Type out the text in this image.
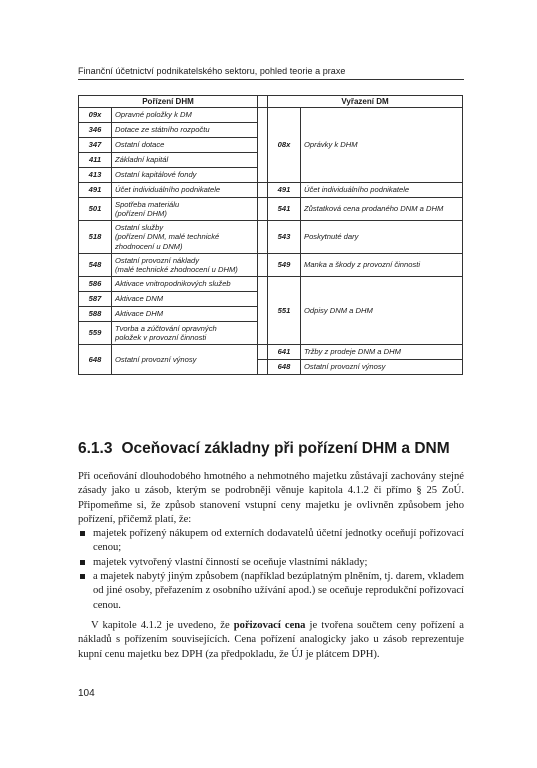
Finanční účetnictví podnikatelského sektoru, pohled teorie a praxe
Pořízení DHM			Vyřazení DM	
09x	Opravné položky k DM		08x	Oprávky k DHM
346	Dotace ze státního rozpočtu			
347	Ostatní dotace			
411	Základní kapitál			
413	Ostatní kapitálové fondy			
491	Účet individuálního podnikatele		491	Účet individuálního podnikatele
501	Spotřeba materiálu
(pořízení DHM)		541	Zůstatková cena prodaného DNM a DHM
518	Ostatní služby
(pořízení DNM, malé technické
zhodnocení u DNM)		543	Poskytnuté dary
548	Ostatní provozní náklady
(malé technické zhodnocení u DHM)		549	Manka a škody z provozní činnosti
586	Aktivace vnitropodnikových služeb		551	Odpisy DNM a DHM
587	Aktivace DNM			
588	Aktivace DHM			
559	Tvorba a zúčtování opravných
položek v provozní činnosti			
648	Ostatní provozní výnosy		641	Tržby z prodeje DNM a DHM
			648	Ostatní provozní výnosy
6.1.3 Oceňovací základny při pořízení DHM a DNM

Při oceňování dlouhodobého hmotného a nehmotného majetku zůstávají zachovány stejné zásady jako u zásob, kterým se podrobněji věnuje kapitola 4.1.2 či přímo § 25 ZoÚ. Připomeňme si, že způsob stanovení vstupní ceny majetku je ovlivněn způsobem jeho pořízení, přičemž platí, že:

majetek pořízený nákupem od externích dodavatelů účetní jednotky oceňují pořizovací cenou;
majetek vytvořený vlastní činností se oceňuje vlastními náklady;
a majetek nabytý jiným způsobem (například bezúplatným plněním, tj. darem, vkladem od jiné osoby, přeřazením z osobního užívání apod.) se oceňuje reprodukční pořizovací cenou.

V kapitole 4.1.2 je uvedeno, že pořizovací cena je tvořena součtem ceny pořízení a nákladů s pořízením souvisejících. Cena pořízení analogicky jako u zásob reprezentuje kupní cenu majetku bez DPH (za předpokladu, že ÚJ je plátcem DPH).

104
